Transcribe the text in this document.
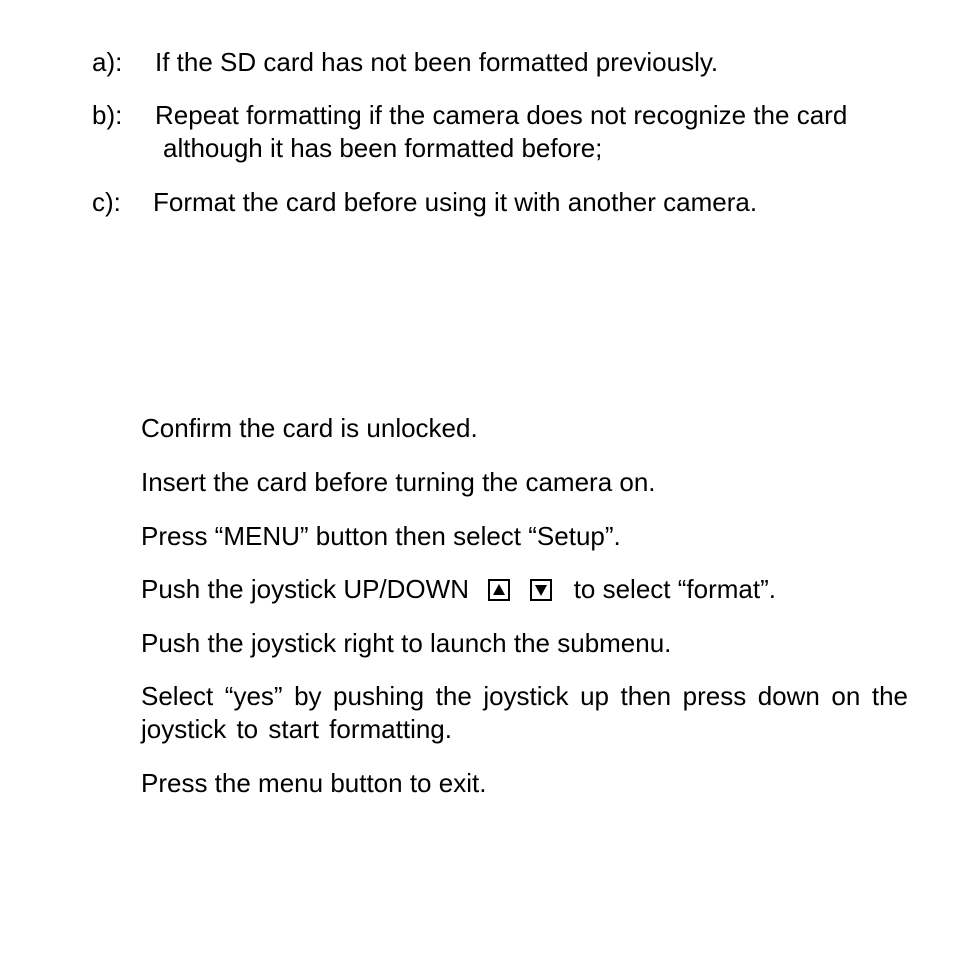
a): If the SD card has not been formatted previously.
b): Repeat formatting if the camera does not recognize the card
although it has been formatted before;
c): Format the card before using it with another camera.
Confirm the card is unlocked.
Insert the card before turning the camera on.
Press “MENU” button then select “Setup”.
Push the joystick UP/DOWN	to select “format”.
Push the joystick right to launch the submenu.
Select “yes” by pushing the joystick up then press down on the joystick to start formatting.
Press the menu button to exit.
